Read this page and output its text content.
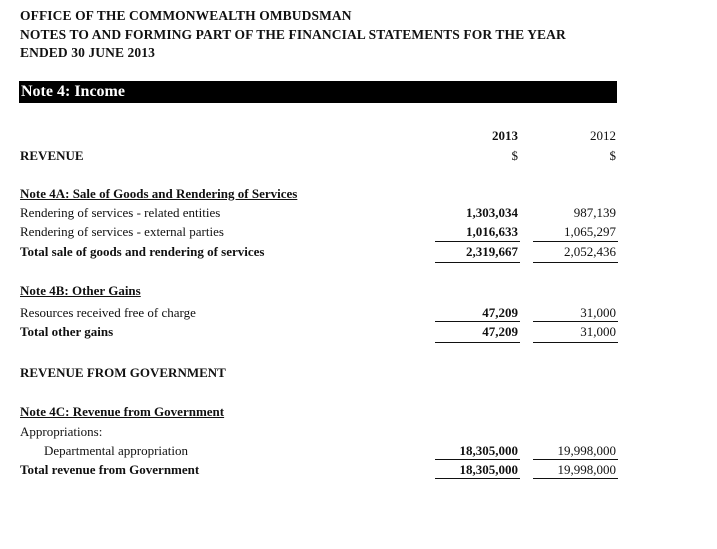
OFFICE OF THE COMMONWEALTH OMBUDSMAN
NOTES TO AND FORMING PART OF THE FINANCIAL STATEMENTS FOR THE YEAR
ENDED 30 JUNE 2013
Note 4: Income
2013	2012
$	$
REVENUE
Note 4A: Sale of Goods and Rendering of Services
Rendering of services - related entities	1,303,034	987,139
Rendering of services - external parties	1,016,633	1,065,297
Total sale of goods and rendering of services	2,319,667	2,052,436
Note 4B: Other Gains
Resources received free of charge	47,209	31,000
Total other gains	47,209	31,000
REVENUE FROM GOVERNMENT
Note 4C: Revenue from Government
Appropriations:
Departmental appropriation	18,305,000	19,998,000
Total revenue from Government	18,305,000	19,998,000
